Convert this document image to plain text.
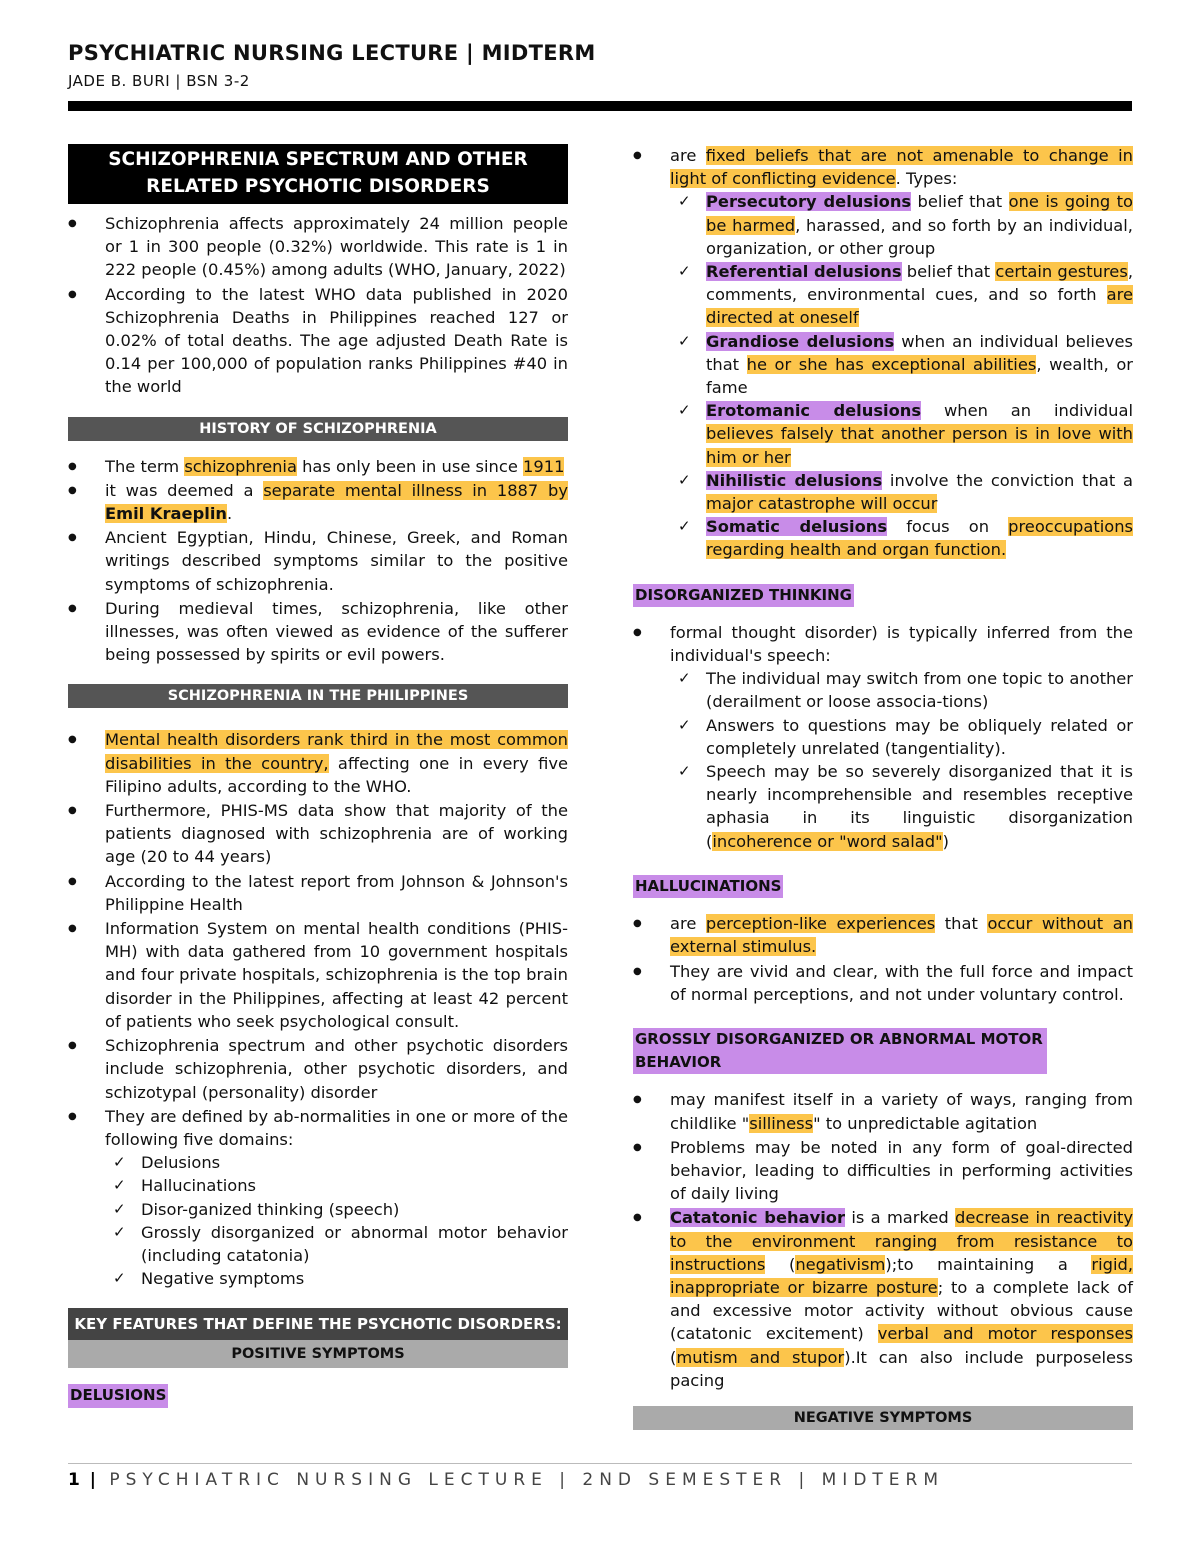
PSYCHIATRIC NURSING LECTURE | MIDTERM
JADE B. BURI | BSN 3-2
SCHIZOPHRENIA SPECTRUM AND OTHER RELATED PSYCHOTIC DISORDERS
● Schizophrenia affects approximately 24 million people or 1 in 300 people (0.32%) worldwide. This rate is 1 in 222 people (0.45%) among adults (WHO, January, 2022)
● According to the latest WHO data published in 2020 Schizophrenia Deaths in Philippines reached 127 or 0.02% of total deaths. The age adjusted Death Rate is 0.14 per 100,000 of population ranks Philippines #40 in the world
HISTORY OF SCHIZOPHRENIA
● The term schizophrenia has only been in use since 1911
● it was deemed a separate mental illness in 1887 by Emil Kraeplin.
● Ancient Egyptian, Hindu, Chinese, Greek, and Roman writings described symptoms similar to the positive symptoms of schizophrenia.
● During medieval times, schizophrenia, like other illnesses, was often viewed as evidence of the sufferer being possessed by spirits or evil powers.
SCHIZOPHRENIA IN THE PHILIPPINES
● Mental health disorders rank third in the most common disabilities in the country, affecting one in every five Filipino adults, according to the WHO.
● Furthermore, PHIS-MS data show that majority of the patients diagnosed with schizophrenia are of working age (20 to 44 years)
● According to the latest report from Johnson & Johnson's Philippine Health
● Information System on mental health conditions (PHIS-MH) with data gathered from 10 government hospitals and four private hospitals, schizophrenia is the top brain disorder in the Philippines, affecting at least 42 percent of patients who seek psychological consult.
● Schizophrenia spectrum and other psychotic disorders include schizophrenia, other psychotic disorders, and schizotypal (personality) disorder
● They are defined by ab-normalities in one or more of the following five domains:
✓ Delusions
✓ Hallucinations
✓ Disor-ganized thinking (speech)
✓ Grossly disorganized or abnormal motor behavior (including catatonia)
✓ Negative symptoms
KEY FEATURES THAT DEFINE THE PSYCHOTIC DISORDERS:
POSITIVE SYMPTOMS
DELUSIONS
● are fixed beliefs that are not amenable to change in light of conflicting evidence. Types:
✓ Persecutory delusions belief that one is going to be harmed, harassed, and so forth by an individual, organization, or other group
✓ Referential delusions belief that certain gestures, comments, environmental cues, and so forth are directed at oneself
✓ Grandiose delusions when an individual believes that he or she has exceptional abilities, wealth, or fame
✓ Erotomanic delusions when an individual believes falsely that another person is in love with him or her
✓ Nihilistic delusions involve the conviction that a major catastrophe will occur
✓ Somatic delusions focus on preoccupations regarding health and organ function.
DISORGANIZED THINKING
● formal thought disorder) is typically inferred from the individual's speech:
✓ The individual may switch from one topic to another (derailment or loose associa-tions)
✓ Answers to questions may be obliquely related or completely unrelated (tangentiality).
✓ Speech may be so severely disorganized that it is nearly incomprehensible and resembles receptive aphasia in its linguistic disorganization (incoherence or "word salad")
HALLUCINATIONS
● are perception-like experiences that occur without an external stimulus.
● They are vivid and clear, with the full force and impact of normal perceptions, and not under voluntary control.
GROSSLY DISORGANIZED OR ABNORMAL MOTOR BEHAVIOR
● may manifest itself in a variety of ways, ranging from childlike "silliness" to unpredictable agitation
● Problems may be noted in any form of goal-directed behavior, leading to difficulties in performing activities of daily living
● Catatonic behavior is a marked decrease in reactivity to the environment ranging from resistance to instructions (negativism);to maintaining a rigid, inappropriate or bizarre posture; to a complete lack of and excessive motor activity without obvious cause (catatonic excitement) verbal and motor responses (mutism and stupor).It can also include purposeless pacing
NEGATIVE SYMPTOMS
1 | PSYCHIATRIC NURSING LECTURE | 2ND SEMESTER | MIDTERM
